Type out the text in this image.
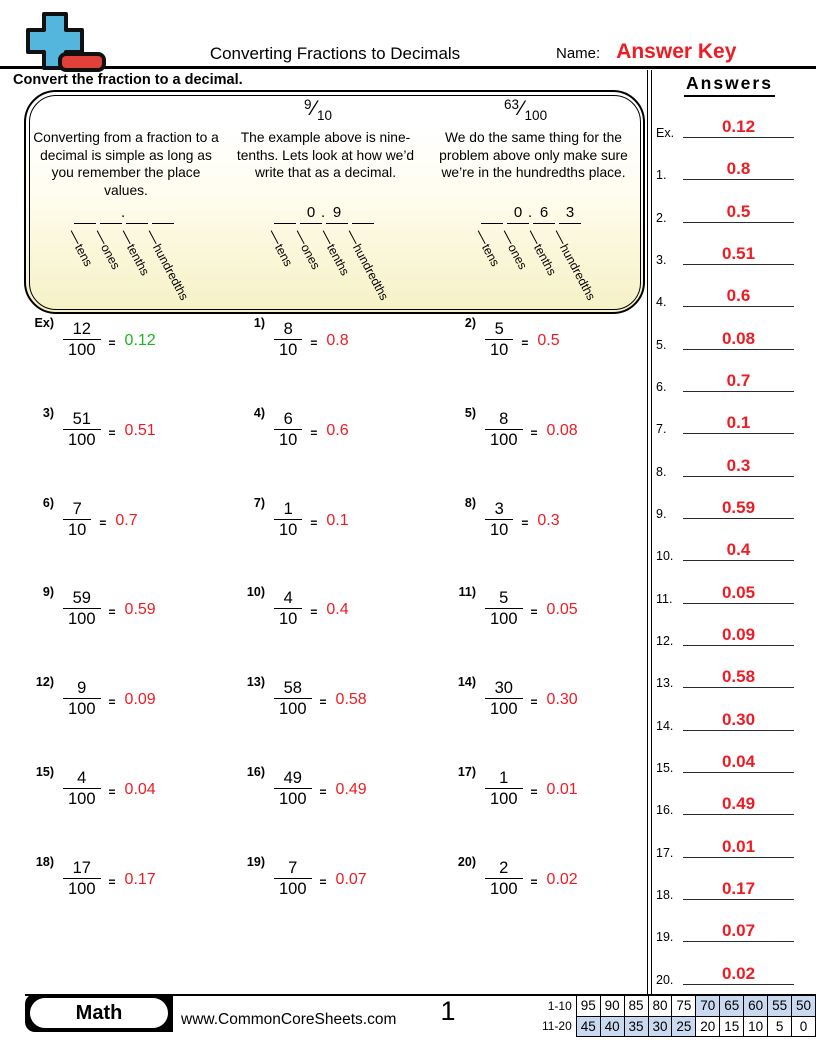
Converting Fractions to Decimals	Name: Answer Key
Convert the fraction to a decimal.
$^9⁄_{10}$
$^{63}⁄_{100}$
Converting from a fraction to a decimal is simple as long as you remember the place values.
The example above is nine-tenths. Lets look at how we’d write that as a decimal.
We do the same thing for the problem above only make sure we’re in the hundredths place.
tens ones tenths
hundredths
.
tens
0
ones
9
tenths
hundredths
.
tens
0
ones
6
tenths
3
hundredths
.
$Ex) \frac{12}{100} = 0.12$
$1) \frac{8}{10} = 0.8$
$2) \frac{5}{10} = 0.5$
$3) \frac{51}{100} = 0.51$
$4) \frac{6}{10} = 0.6$
$5) \frac{8}{100} = 0.08$
$6) \frac{7}{10} = 0.7$
$7) \frac{1}{10} = 0.1$
$8) \frac{3}{10} = 0.3$
$9) \frac{59}{100} = 0.59$
$10) \frac{4}{10} = 0.4$
$11) \frac{5}{100} = 0.05$
$12) \frac{9}{100} = 0.09$
$13) \frac{58}{100} = 0.58$
$14) \frac{30}{100} = 0.30$
$15) \frac{4}{100} = 0.04$
$16) \frac{49}{100} = 0.49$
$17) \frac{1}{100} = 0.01$
$18) \frac{17}{100} = 0.17$
$19) \frac{7}{100} = 0.07$
$20) \frac{2}{100} = 0.02$
Answers
Ex.	0.12
1.	0.8
2.	0.5
3.	0.51
4.	0.6
5.	0.08
6.	0.7
7.	0.1
8.	0.3
9.	0.59
10.	0.4
11.	0.05
12.	0.09
13.	0.58
14.	0.30
15.	0.04
16.	0.49
17.	0.01
18.	0.17
19.	0.07
20.	0.02
Math	www.CommonCoreSheets.com	1	1-10	95	90	85	80	75	70	65	60	55	50
11-20	45	40	35	30	25	20	15	10	5	0
